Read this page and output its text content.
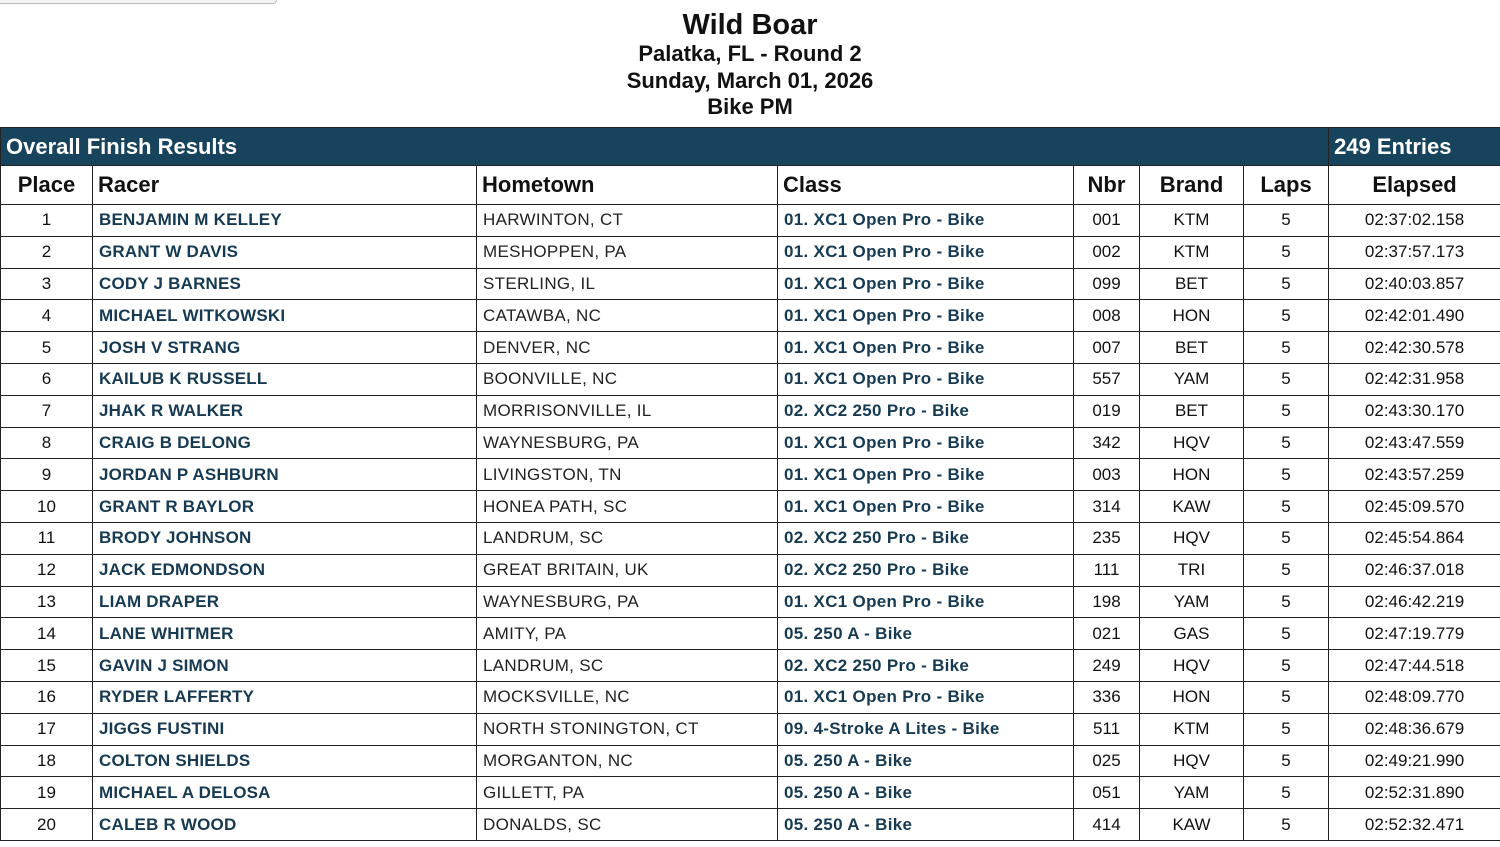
Wild Boar
Palatka, FL - Round 2
Sunday, March 01, 2026
Bike PM
Overall Finish Results							249 Entries
Place	Racer	Hometown	Class	Nbr	Brand	Laps	Elapsed
1	BENJAMIN M KELLEY	HARWINTON, CT	01. XC1 Open Pro - Bike	001	KTM	5	02:37:02.158
2	GRANT W DAVIS	MESHOPPEN, PA	01. XC1 Open Pro - Bike	002	KTM	5	02:37:57.173
3	CODY J BARNES	STERLING, IL	01. XC1 Open Pro - Bike	099	BET	5	02:40:03.857
4	MICHAEL WITKOWSKI	CATAWBA, NC	01. XC1 Open Pro - Bike	008	HON	5	02:42:01.490
5	JOSH V STRANG	DENVER, NC	01. XC1 Open Pro - Bike	007	BET	5	02:42:30.578
6	KAILUB K RUSSELL	BOONVILLE, NC	01. XC1 Open Pro - Bike	557	YAM	5	02:42:31.958
7	JHAK R WALKER	MORRISONVILLE, IL	02. XC2 250 Pro - Bike	019	BET	5	02:43:30.170
8	CRAIG B DELONG	WAYNESBURG, PA	01. XC1 Open Pro - Bike	342	HQV	5	02:43:47.559
9	JORDAN P ASHBURN	LIVINGSTON, TN	01. XC1 Open Pro - Bike	003	HON	5	02:43:57.259
10	GRANT R BAYLOR	HONEA PATH, SC	01. XC1 Open Pro - Bike	314	KAW	5	02:45:09.570
11	BRODY JOHNSON	LANDRUM, SC	02. XC2 250 Pro - Bike	235	HQV	5	02:45:54.864
12	JACK EDMONDSON	GREAT BRITAIN, UK	02. XC2 250 Pro - Bike	111	TRI	5	02:46:37.018
13	LIAM DRAPER	WAYNESBURG, PA	01. XC1 Open Pro - Bike	198	YAM	5	02:46:42.219
14	LANE WHITMER	AMITY, PA	05. 250 A - Bike	021	GAS	5	02:47:19.779
15	GAVIN J SIMON	LANDRUM, SC	02. XC2 250 Pro - Bike	249	HQV	5	02:47:44.518
16	RYDER LAFFERTY	MOCKSVILLE, NC	01. XC1 Open Pro - Bike	336	HON	5	02:48:09.770
17	JIGGS FUSTINI	NORTH STONINGTON, CT	09. 4-Stroke A Lites - Bike	511	KTM	5	02:48:36.679
18	COLTON SHIELDS	MORGANTON, NC	05. 250 A - Bike	025	HQV	5	02:49:21.990
19	MICHAEL A DELOSA	GILLETT, PA	05. 250 A - Bike	051	YAM	5	02:52:31.890
20	CALEB R WOOD	DONALDS, SC	05. 250 A - Bike	414	KAW	5	02:52:32.471
